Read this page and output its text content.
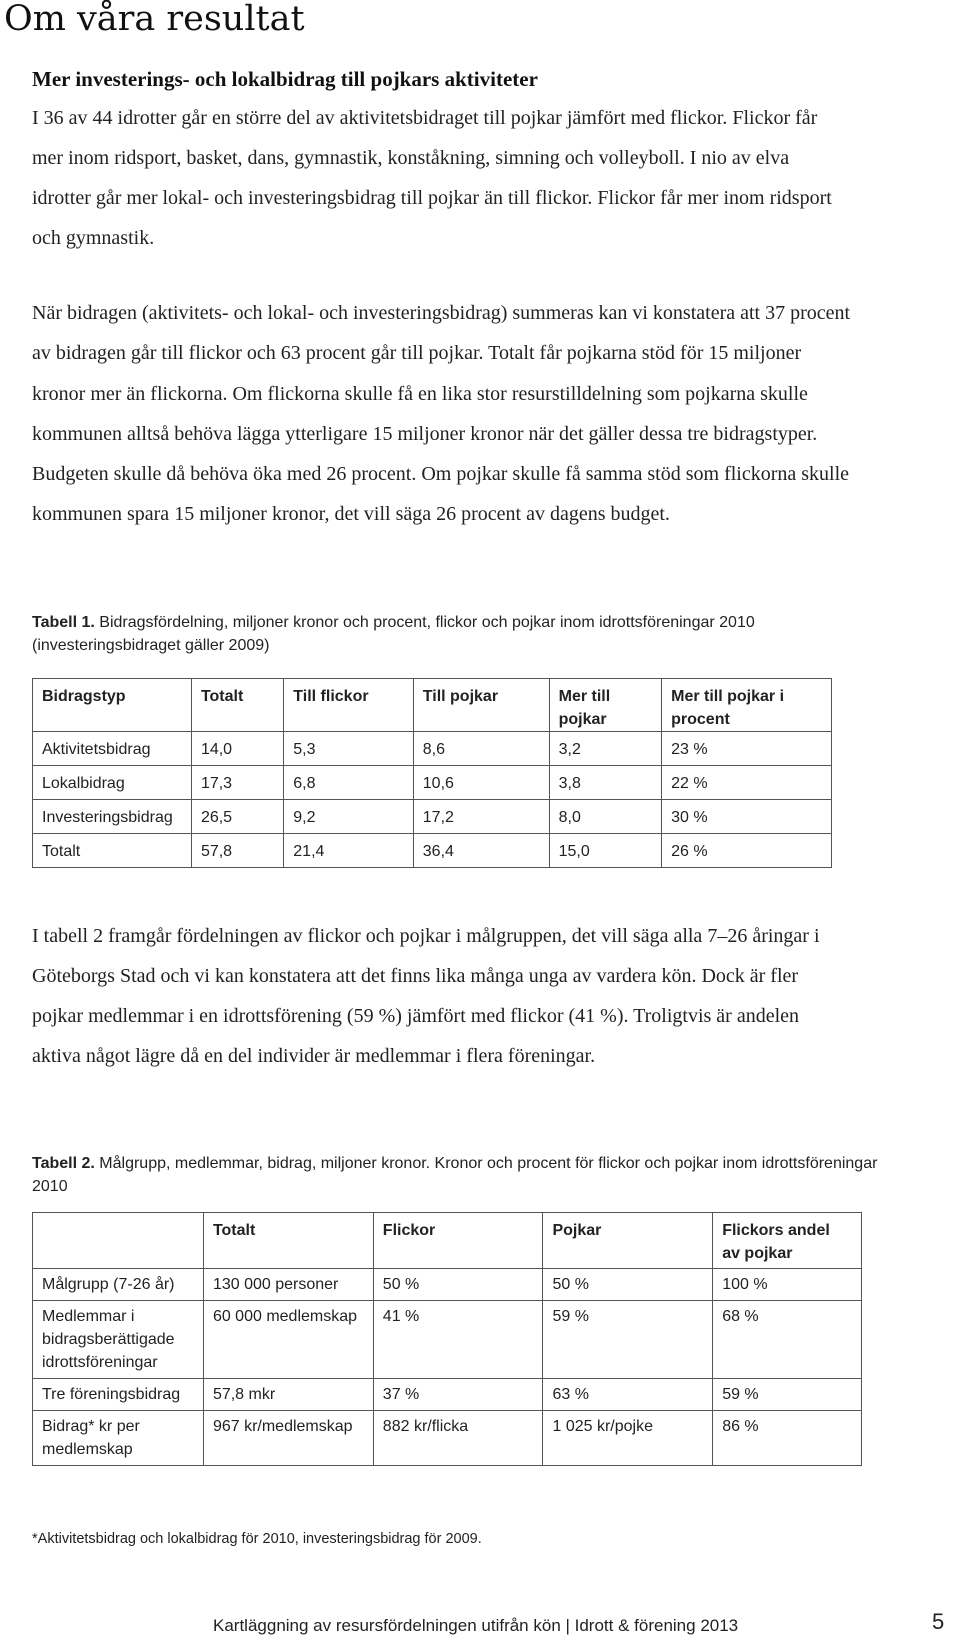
Om våra resultat

Mer investerings- och lokalbidrag till pojkars aktiviteter

I 36 av 44 idrotter går en större del av aktivitetsbidraget till pojkar jämfört med flickor. Flickor får mer inom ridsport, basket, dans, gymnastik, konståkning, simning och volleyboll. I nio av elva idrotter går mer lokal- och investeringsbidrag till pojkar än till flickor. Flickor får mer inom ridsport och gymnastik.

När bidragen (aktivitets- och lokal- och investeringsbidrag) summeras kan vi konstatera att 37 procent av bidragen går till flickor och 63 procent går till pojkar. Totalt får pojkarna stöd för 15 miljoner kronor mer än flickorna. Om flickorna skulle få en lika stor resurstilldelning som pojkarna skulle kommunen alltså behöva lägga ytterligare 15 miljoner kronor när det gäller dessa tre bidragstyper. Budgeten skulle då behöva öka med 26 procent. Om pojkar skulle få samma stöd som flickorna skulle kommunen spara 15 miljoner kronor, det vill säga 26 procent av dagens budget.

Tabell 1. Bidragsfördelning, miljoner kronor och procent, flickor och pojkar inom idrottsföreningar 2010 (investeringsbidraget gäller 2009)

Bidragstyp	Totalt	Till flickor	Till pojkar	Mer till pojkar	Mer till pojkar i procent
Aktivitetsbidrag	14,0	5,3	8,6	3,2	23 %
Lokalbidrag	17,3	6,8	10,6	3,8	22 %
Investeringsbidrag	26,5	9,2	17,2	8,0	30 %
Totalt	57,8	21,4	36,4	15,0	26 %

I tabell 2 framgår fördelningen av flickor och pojkar i målgruppen, det vill säga alla 7–26 åringar i Göteborgs Stad och vi kan konstatera att det finns lika många unga av vardera kön. Dock är fler pojkar medlemmar i en idrottsförening (59 %) jämfört med flickor (41 %). Troligtvis är andelen aktiva något lägre då en del individer är medlemmar i flera föreningar.

Tabell 2. Målgrupp, medlemmar, bidrag, miljoner kronor. Kronor och procent för flickor och pojkar inom idrottsföreningar 2010

	Totalt	Flickor	Pojkar	Flickors andel av pojkar
Målgrupp (7-26 år)	130 000 personer	50 %	50 %	100 %
Medlemmar i bidragsberättigade idrottsföreningar	60 000 medlemskap	41 %	59 %	68 %
Tre föreningsbidrag	57,8 mkr	37 %	63 %	59 %
Bidrag* kr per medlemskap	967 kr/medlemskap	882 kr/flicka	1 025 kr/pojke	86 %

*Aktivitetsbidrag och lokalbidrag för 2010, investeringsbidrag för 2009.

Kartläggning av resursfördelningen utifrån kön | Idrott & förening 2013	5
